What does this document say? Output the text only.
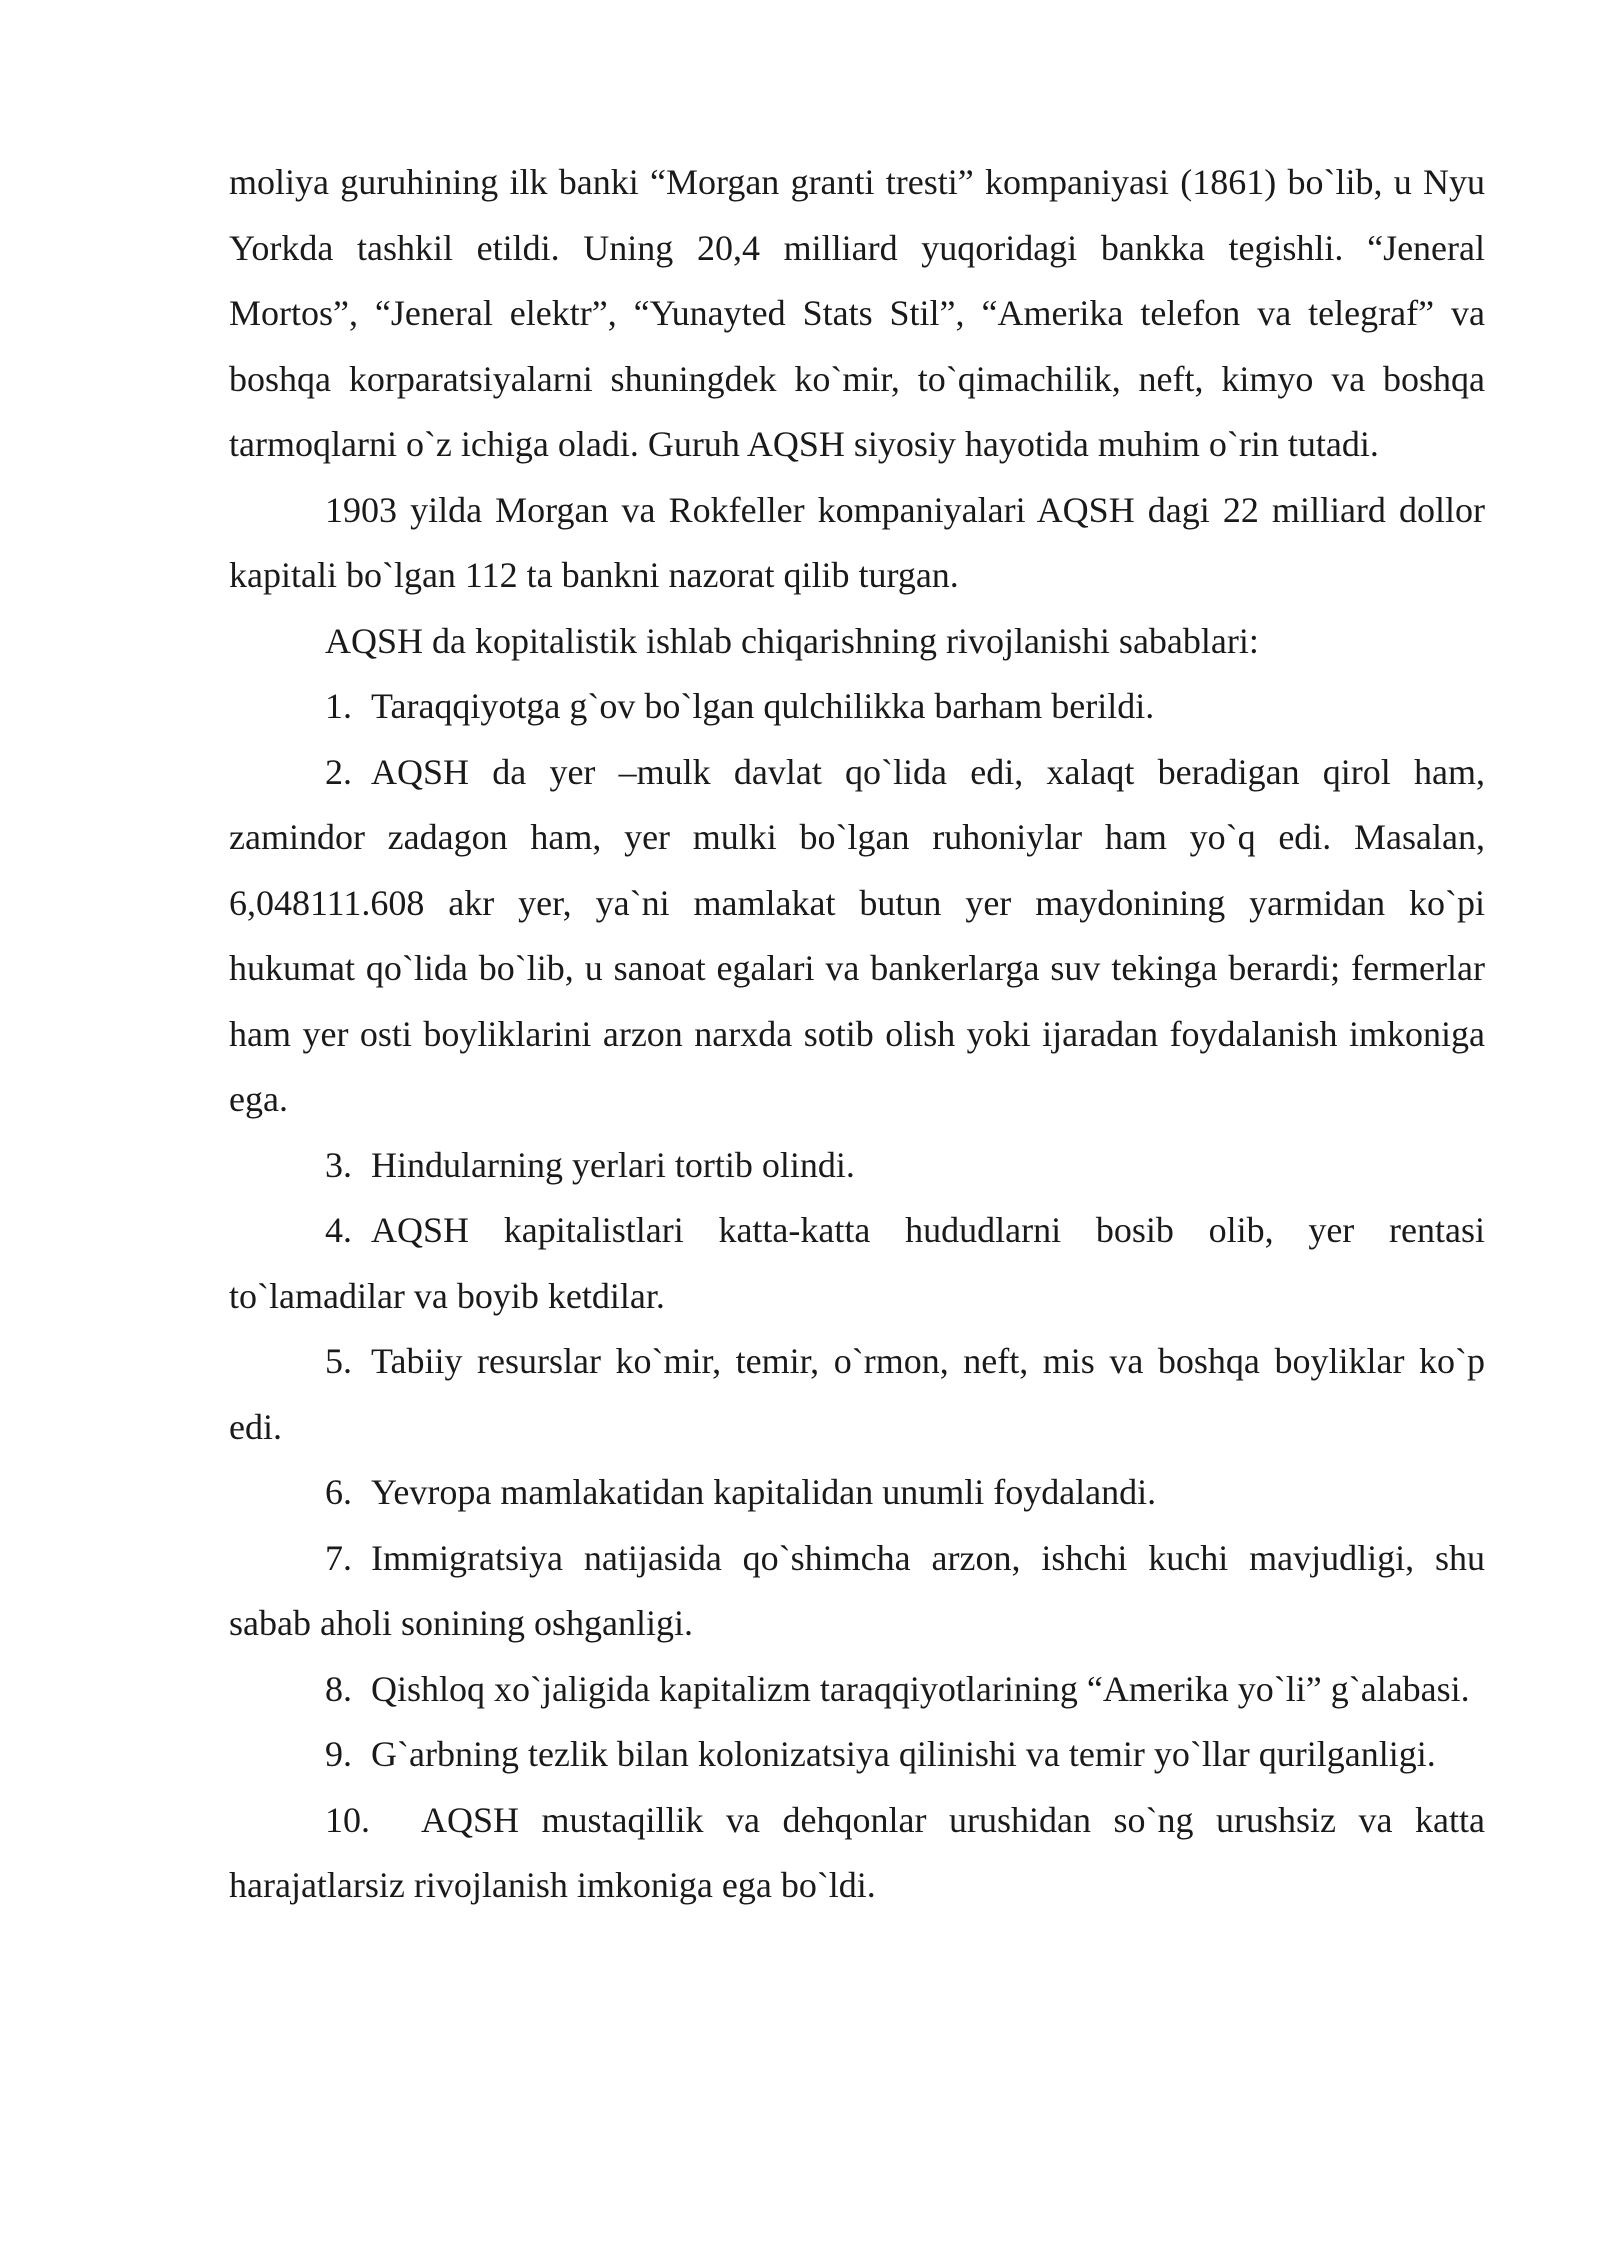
moliya guruhining ilk banki “Morgan granti tresti” kompaniyasi (1861) bo`lib, u Nyu Yorkda tashkil etildi. Uning 20,4 milliard yuqoridagi bankka tegishli. “Jeneral Mortos”, “Jeneral elektr”, “Yunayted Stats Stil”, “Amerika telefon va telegraf” va boshqa korparatsiyalarni shuningdek ko`mir, to`qimachilik, neft, kimyo va boshqa tarmoqlarni o`z ichiga oladi. Guruh AQSH siyosiy hayotida muhim o`rin tutadi.

1903 yilda Morgan va Rokfeller kompaniyalari AQSH dagi 22 milliard dollor kapitali bo`lgan 112 ta bankni nazorat qilib turgan.

AQSH da kopitalistik ishlab chiqarishning rivojlanishi sabablari:

1. Taraqqiyotga g`ov bo`lgan qulchilikka barham berildi.

2. AQSH da yer –mulk davlat qo`lida edi, xalaqt beradigan qirol ham, zamindor zadagon ham, yer mulki bo`lgan ruhoniylar ham yo`q edi. Masalan, 6,048111.608 akr yer, ya`ni mamlakat butun yer maydonining yarmidan ko`pi hukumat qo`lida bo`lib, u sanoat egalari va bankerlarga suv tekinga berardi; fermerlar ham yer osti boyliklarini arzon narxda sotib olish yoki ijaradan foydalanish imkoniga ega.

3. Hindularning yerlari tortib olindi.

4. AQSH kapitalistlari katta-katta hududlarni bosib olib, yer rentasi to`lamadilar va boyib ketdilar.

5. Tabiiy resurslar ko`mir, temir, o`rmon, neft, mis va boshqa boyliklar ko`p edi.

6. Yevropa mamlakatidan kapitalidan unumli foydalandi.

7. Immigratsiya natijasida qo`shimcha arzon, ishchi kuchi mavjudligi, shu sabab aholi sonining oshganligi.

8. Qishloq xo`jaligida kapitalizm taraqqiyotlarining “Amerika yo`li” g`alabasi.

9. G`arbning tezlik bilan kolonizatsiya qilinishi va temir yo`llar qurilganligi.

10. AQSH mustaqillik va dehqonlar urushidan so`ng urushsiz va katta harajatlarsiz rivojlanish imkoniga ega bo`ldi.
